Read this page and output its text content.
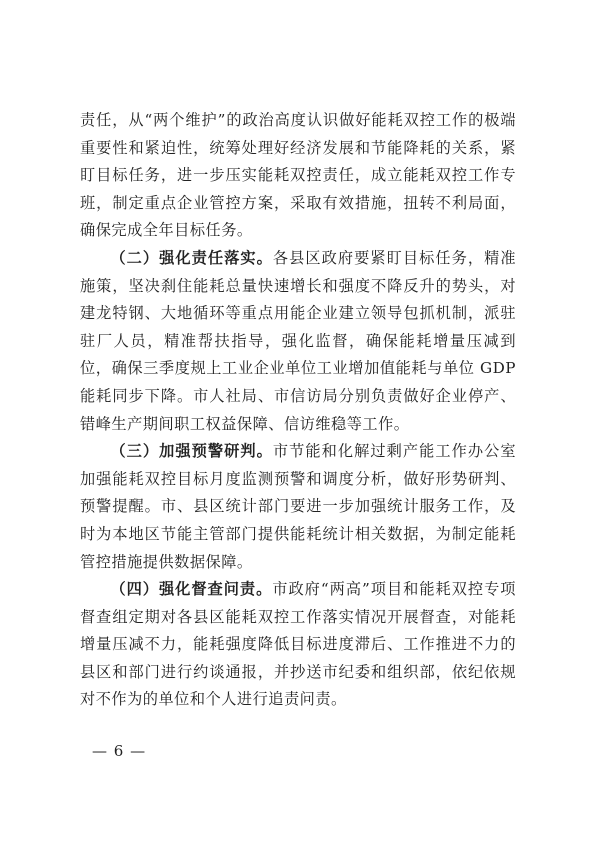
责任，从“两个维护”的政治高度认识做好能耗双控工作的极端重要性和紧迫性，统筹处理好经济发展和节能降耗的关系，紧盯目标任务，进一步压实能耗双控责任，成立能耗双控工作专班，制定重点企业管控方案，采取有效措施，扭转不利局面，确保完成全年目标任务。

（二）强化责任落实。各县区政府要紧盯目标任务，精准施策，坚决刹住能耗总量快速增长和强度不降反升的势头，对建龙特钢、大地循环等重点用能企业建立领导包抓机制，派驻驻厂人员，精准帮扶指导，强化监督，确保能耗增量压减到位，确保三季度规上工业企业单位工业增加值能耗与单位 GDP 能耗同步下降。市人社局、市信访局分别负责做好企业停产、错峰生产期间职工权益保障、信访维稳等工作。

（三）加强预警研判。市节能和化解过剩产能工作办公室加强能耗双控目标月度监测预警和调度分析，做好形势研判、预警提醒。市、县区统计部门要进一步加强统计服务工作，及时为本地区节能主管部门提供能耗统计相关数据，为制定能耗管控措施提供数据保障。

（四）强化督查问责。市政府“两高”项目和能耗双控专项督查组定期对各县区能耗双控工作落实情况开展督查，对能耗增量压减不力，能耗强度降低目标进度滞后、工作推进不力的县区和部门进行约谈通报，并抄送市纪委和组织部，依纪依规对不作为的单位和个人进行追责问责。

— 6 —
